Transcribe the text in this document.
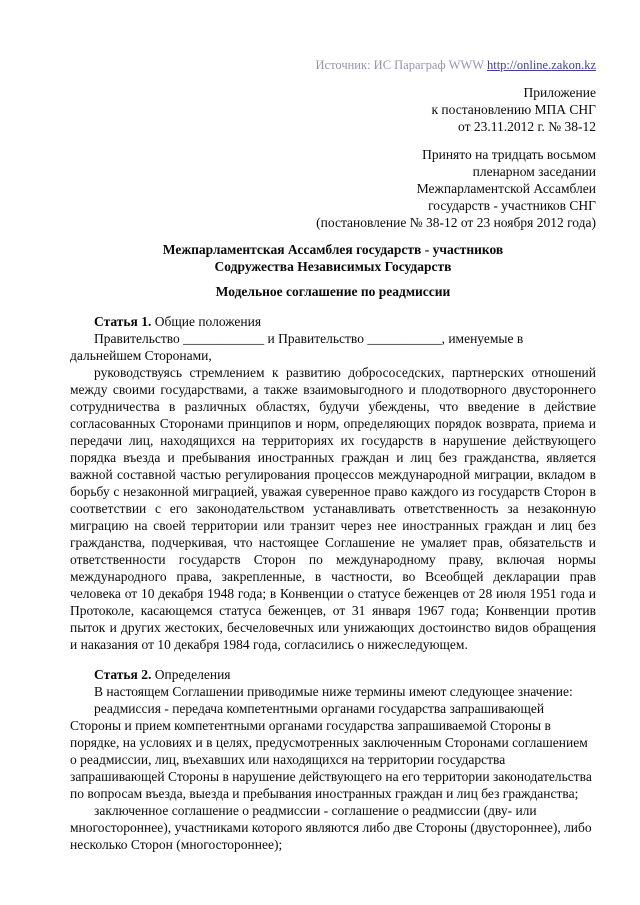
Источник: ИС Параграф WWW http://online.zakon.kz
Приложение
к постановлению МПА СНГ
от 23.11.2012 г. № 38-12
Принято на тридцать восьмом
пленарном заседании
Межпарламентской Ассамблеи
государств - участников СНГ
(постановление № 38-12 от 23 ноября 2012 года)
Межпарламентская Ассамблея государств - участников
Содружества Независимых Государств
Модельное соглашение по реадмиссии
Статья 1. Общие положения

Правительство ____________ и Правительство ___________, именуемые в дальнейшем Сторонами,

руководствуясь стремлением к развитию добрососедских, партнерских отношений между своими государствами, а также взаимовыгодного и плодотворного двустороннего сотрудничества в различных областях, будучи убеждены, что введение в действие согласованных Сторонами принципов и норм, определяющих порядок возврата, приема и передачи лиц, находящихся на территориях их государств в нарушение действующего порядка въезда и пребывания иностранных граждан и лиц без гражданства, является важной составной частью регулирования процессов международной миграции, вкладом в борьбу с незаконной миграцией, уважая суверенное право каждого из государств Сторон в соответствии с его законодательством устанавливать ответственность за незаконную миграцию на своей территории или транзит через нее иностранных граждан и лиц без гражданства, подчеркивая, что настоящее Соглашение не умаляет прав, обязательств и ответственности государств Сторон по международному праву, включая нормы международного права, закрепленные, в частности, во Всеобщей декларации прав человека от 10 декабря 1948 года; в Конвенции о статусе беженцев от 28 июля 1951 года и Протоколе, касающемся статуса беженцев, от 31 января 1967 года; Конвенции против пыток и других жестоких, бесчеловечных или унижающих достоинство видов обращения и наказания от 10 декабря 1984 года, согласились о нижеследующем.

Статья 2. Определения

В настоящем Соглашении приводимые ниже термины имеют следующее значение:

реадмиссия - передача компетентными органами государства запрашивающей Стороны и прием компетентными органами государства запрашиваемой Стороны в порядке, на условиях и в целях, предусмотренных заключенным Сторонами соглашением о реадмиссии, лиц, въехавших или находящихся на территории государства запрашивающей Стороны в нарушение действующего на его территории законодательства по вопросам въезда, выезда и пребывания иностранных граждан и лиц без гражданства;

заключенное соглашение о реадмиссии - соглашение о реадмиссии (дву- или многостороннее), участниками которого являются либо две Стороны (двустороннее), либо несколько Сторон (многостороннее);
